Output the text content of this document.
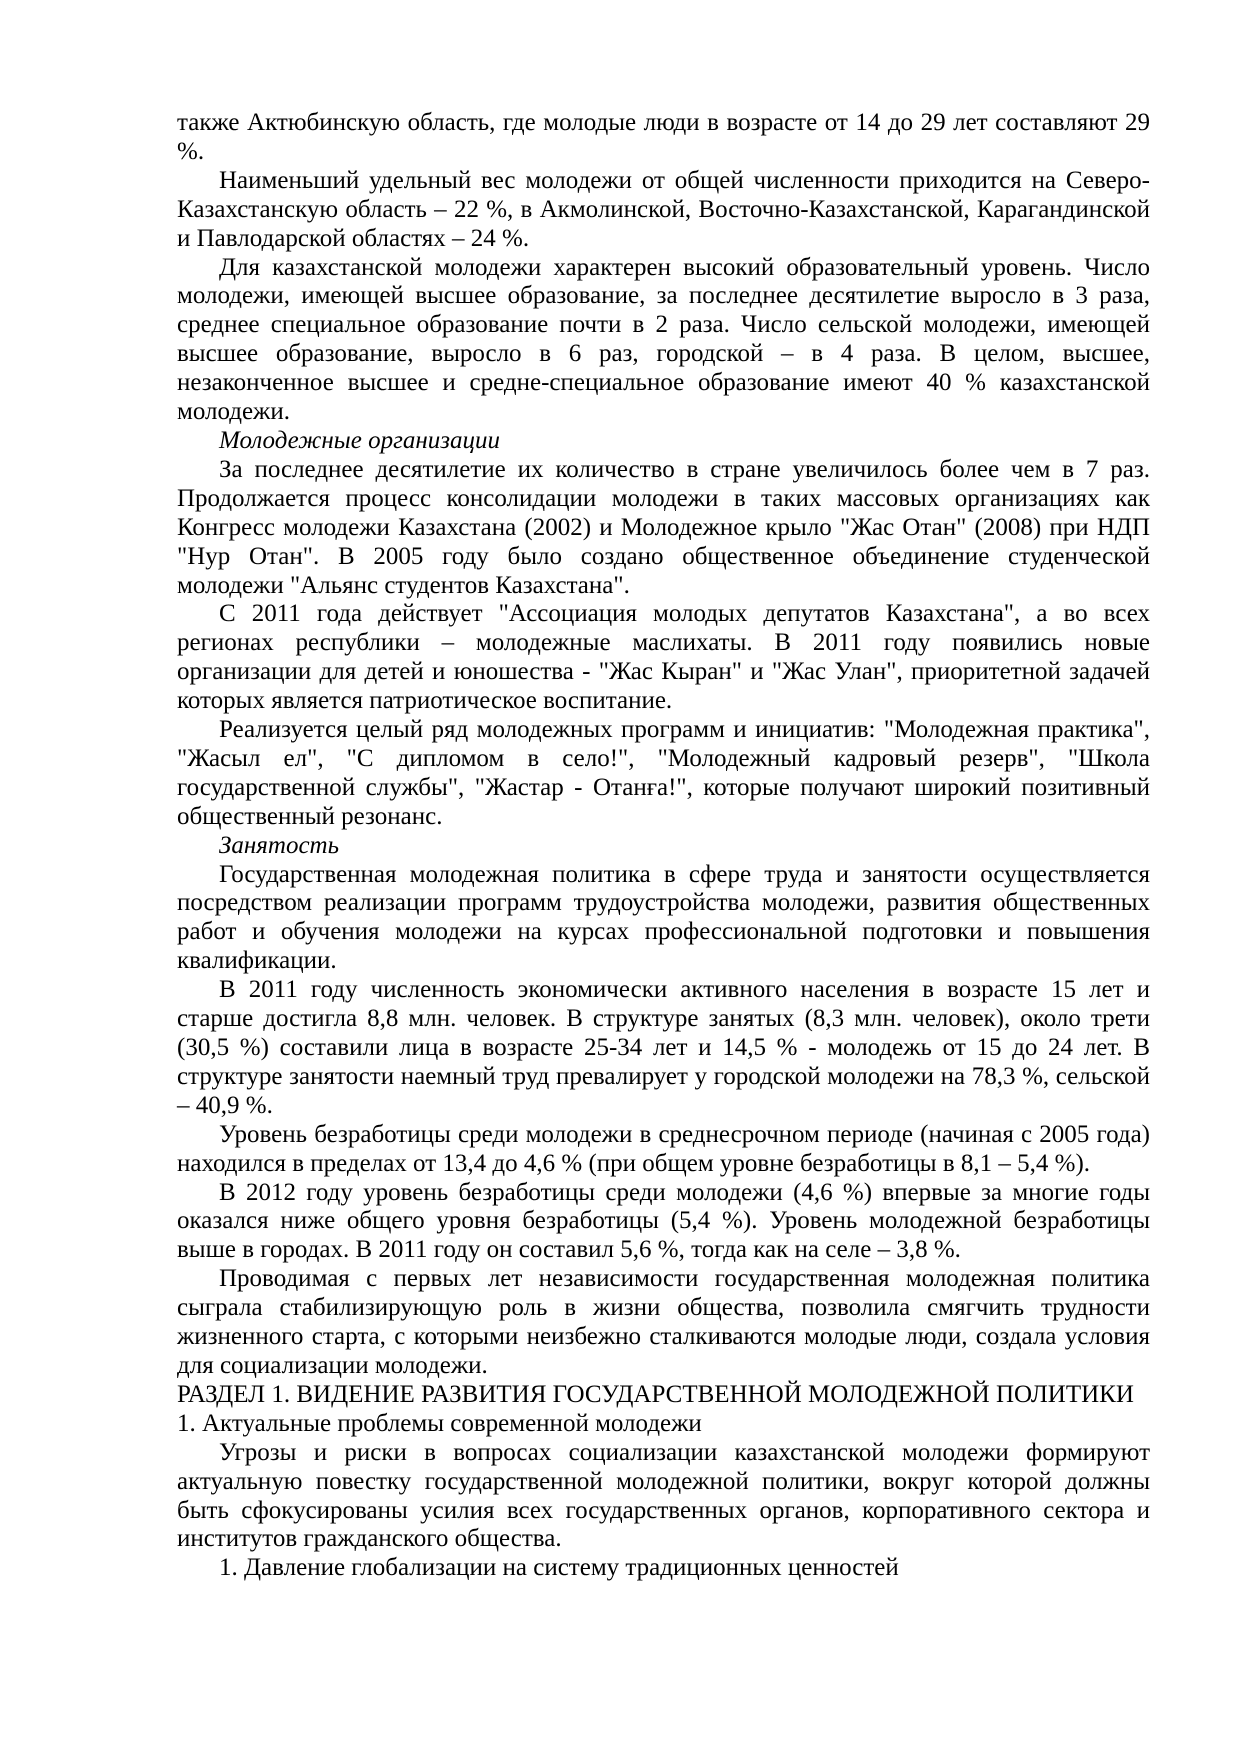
также Актюбинскую область, где молодые люди в возрасте от 14 до 29 лет составляют 29 %.

Наименьший удельный вес молодежи от общей численности приходится на Северо-Казахстанскую область – 22 %, в Акмолинской, Восточно-Казахстанской, Карагандинской и Павлодарской областях – 24 %.

Для казахстанской молодежи характерен высокий образовательный уровень. Число молодежи, имеющей высшее образование, за последнее десятилетие выросло в 3 раза, среднее специальное образование почти в 2 раза. Число сельской молодежи, имеющей высшее образование, выросло в 6 раз, городской – в 4 раза. В целом, высшее, незаконченное высшее и средне-специальное образование имеют 40 % казахстанской молодежи.

Молодежные организации

За последнее десятилетие их количество в стране увеличилось более чем в 7 раз. Продолжается процесс консолидации молодежи в таких массовых организациях как Конгресс молодежи Казахстана (2002) и Молодежное крыло "Жас Отан" (2008) при НДП "Нур Отан". В 2005 году было создано общественное объединение студенческой молодежи "Альянс студентов Казахстана".

С 2011 года действует "Ассоциация молодых депутатов Казахстана", а во всех регионах республики – молодежные маслихаты. В 2011 году появились новые организации для детей и юношества - "Жас Кыран" и "Жас Улан", приоритетной задачей которых является патриотическое воспитание.

Реализуется целый ряд молодежных программ и инициатив: "Молодежная практика", "Жасыл ел", "С дипломом в село!", "Молодежный кадровый резерв", "Школа государственной службы", "Жастар - Отанға!", которые получают широкий позитивный общественный резонанс.

Занятость

Государственная молодежная политика в сфере труда и занятости осуществляется посредством реализации программ трудоустройства молодежи, развития общественных работ и обучения молодежи на курсах профессиональной подготовки и повышения квалификации.

В 2011 году численность экономически активного населения в возрасте 15 лет и старше достигла 8,8 млн. человек. В структуре занятых (8,3 млн. человек), около трети (30,5 %) составили лица в возрасте 25-34 лет и 14,5 % - молодежь от 15 до 24 лет. В структуре занятости наемный труд превалирует у городской молодежи на 78,3 %, сельской – 40,9 %.

Уровень безработицы среди молодежи в среднесрочном периоде (начиная с 2005 года) находился в пределах от 13,4 до 4,6 % (при общем уровне безработицы в 8,1 – 5,4 %).

В 2012 году уровень безработицы среди молодежи (4,6 %) впервые за многие годы оказался ниже общего уровня безработицы (5,4 %). Уровень молодежной безработицы выше в городах. В 2011 году он составил 5,6 %, тогда как на селе – 3,8 %.

Проводимая с первых лет независимости государственная молодежная политика сыграла стабилизирующую роль в жизни общества, позволила смягчить трудности жизненного старта, с которыми неизбежно сталкиваются молодые люди, создала условия для социализации молодежи.

РАЗДЕЛ 1. ВИДЕНИЕ РАЗВИТИЯ ГОСУДАРСТВЕННОЙ МОЛОДЕЖНОЙ ПОЛИТИКИ

1. Актуальные проблемы современной молодежи

Угрозы и риски в вопросах социализации казахстанской молодежи формируют актуальную повестку государственной молодежной политики, вокруг которой должны быть сфокусированы усилия всех государственных органов, корпоративного сектора и институтов гражданского общества.

1. Давление глобализации на систему традиционных ценностей
